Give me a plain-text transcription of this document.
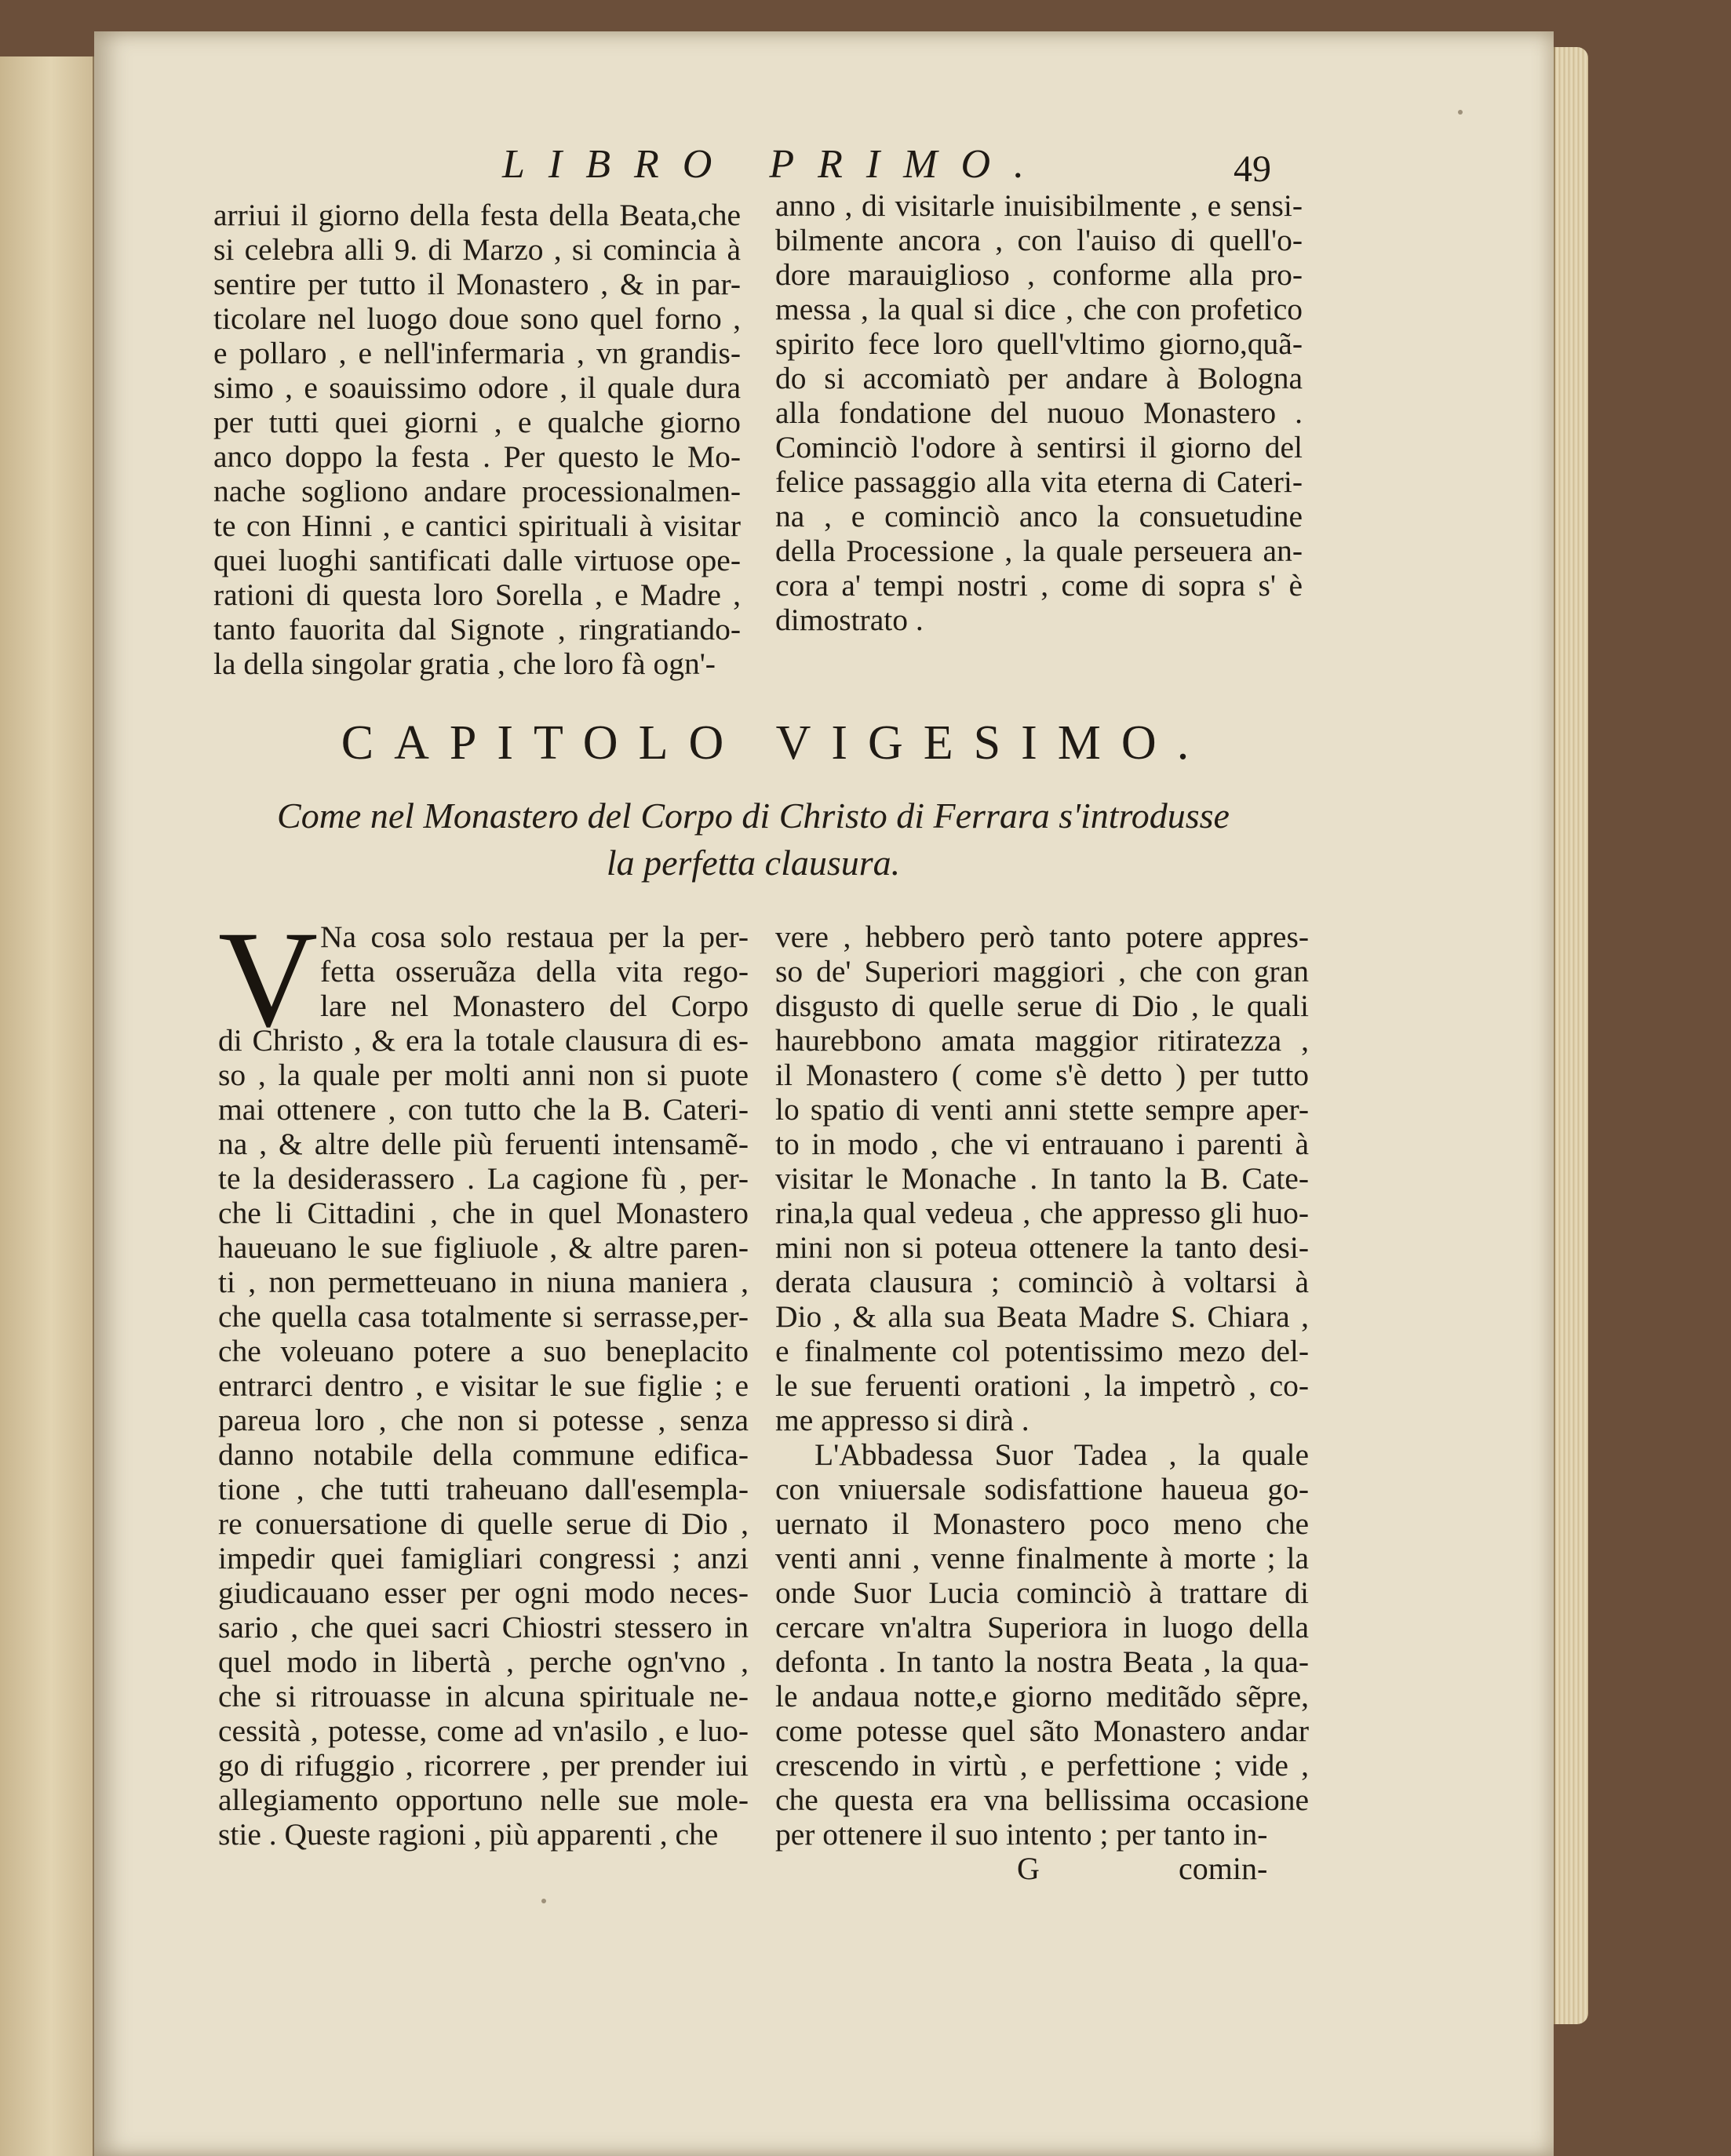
LIBRO PRIMO.	49
arriui il giorno della festa della Beata,che
si celebra alli 9. di Marzo , si comincia à
sentire per tutto il Monastero , & in par-
ticolare nel luogo doue sono quel forno ,
e pollaro , e nell'infermaria , vn grandis-
simo , e soauissimo odore , il quale dura
per tutti quei giorni , e qualche giorno
anco doppo la festa . Per questo le Mo-
nache sogliono andare processionalmen-
te con Hinni , e cantici spirituali à visitar
quei luoghi santificati dalle virtuose ope-
rationi di questa loro Sorella , e Madre ,
tanto fauorita dal Signote , ringratiando-
la della singolar gratia , che loro fà ogn'-
anno , di visitarle inuisibilmente , e sensi-
bilmente ancora , con l'auiso di quell'o-
dore marauiglioso , conforme alla pro-
messa , la qual si dice , che con profetico
spirito fece loro quell'vltimo giorno,quã-
do si accomiatò per andare à Bologna
alla fondatione del nuouo Monastero .
Cominciò l'odore à sentirsi il giorno del
felice passaggio alla vita eterna di Cateri-
na , e cominciò anco la consuetudine
della Processione , la quale perseuera an-
cora a' tempi nostri , come di sopra s' è
dimostrato .
CAPITOLO VIGESIMO.
Come nel Monastero del Corpo di Christo di Ferrara s'introdusse
la perfetta clausura.
V Na cosa solo restaua per la per-
fetta osseruãza della vita rego-
lare nel Monastero del Corpo
di Christo , & era la totale clausura di es-
so , la quale per molti anni non si puote
mai ottenere , con tutto che la B. Cateri-
na , & altre delle più feruenti intensamẽ-
te la desiderassero . La cagione fù , per-
che li Cittadini , che in quel Monastero
haueuano le sue figliuole , & altre paren-
ti , non permetteuano in niuna maniera ,
che quella casa totalmente si serrasse,per-
che voleuano potere a suo beneplacito
entrarci dentro , e visitar le sue figlie ; e
pareua loro , che non si potesse , senza
danno notabile della commune edifica-
tione , che tutti traheuano dall'esempla-
re conuersatione di quelle serue di Dio ,
impedir quei famigliari congressi ; anzi
giudicauano esser per ogni modo neces-
sario , che quei sacri Chiostri stessero in
quel modo in libertà , perche ogn'vno ,
che si ritrouasse in alcuna spirituale ne-
cessità , potesse, come ad vn'asilo , e luo-
go di rifuggio , ricorrere , per prender iui
allegiamento opportuno nelle sue mole-
stie . Queste ragioni , più apparenti , che
vere , hebbero però tanto potere appres-
so de' Superiori maggiori , che con gran
disgusto di quelle serue di Dio , le quali
haurebbono amata maggior ritiratezza ,
il Monastero ( come s'è detto ) per tutto
lo spatio di venti anni stette sempre aper-
to in modo , che vi entrauano i parenti à
visitar le Monache . In tanto la B. Cate-
rina,la qual vedeua , che appresso gli huo-
mini non si poteua ottenere la tanto desi-
derata clausura ; cominciò à voltarsi à
Dio , & alla sua Beata Madre S. Chiara ,
e finalmente col potentissimo mezo del-
le sue feruenti orationi , la impetrò , co-
me appresso si dirà .
L'Abbadessa Suor Tadea , la quale
con vniuersale sodisfattione haueua go-
uernato il Monastero poco meno che
venti anni , venne finalmente à morte ; la
onde Suor Lucia cominciò à trattare di
cercare vn'altra Superiora in luogo della
defonta . In tanto la nostra Beata , la qua-
le andaua notte,e giorno meditãdo sẽpre,
come potesse quel sãto Monastero andar
crescendo in virtù , e perfettione ; vide ,
che questa era vna bellissima occasione
per ottenere il suo intento ; per tanto in-
G	comin-
